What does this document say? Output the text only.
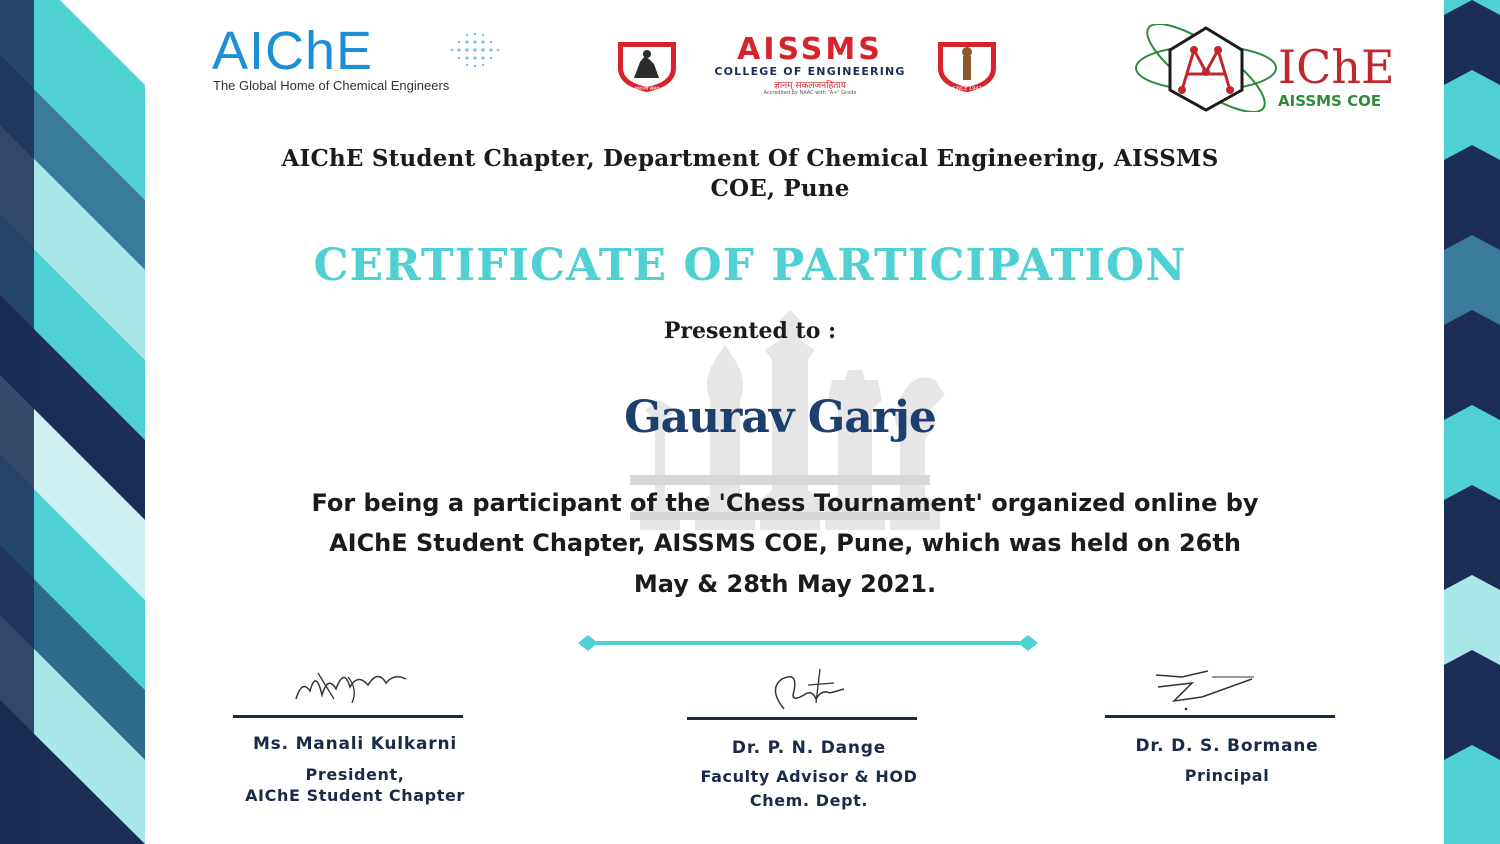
AIChE
The Global Home of Chemical Engineers	स्वराज्य संस्था
AISSMS
COLLEGE OF ENGINEERING
ज्ञानम् सकलजनहिताय
Accredited by NAAC with "A+" Grade
SINCE 1947	IChE
AISSMS COE
AIChE Student Chapter, Department Of Chemical Engineering, AISSMS
COE, Pune
CERTIFICATE OF PARTICIPATION
Presented to :
Gaurav Garje
For being a participant of the 'Chess Tournament' organized online by
AIChE Student Chapter, AISSMS COE, Pune, which was held on 26th
May & 28th May 2021.
Ms. Manali Kulkarni
President,
AIChE Student Chapter
Dr. P. N. Dange
Faculty Advisor & HOD
Chem. Dept.
Dr. D. S. Bormane
Principal
